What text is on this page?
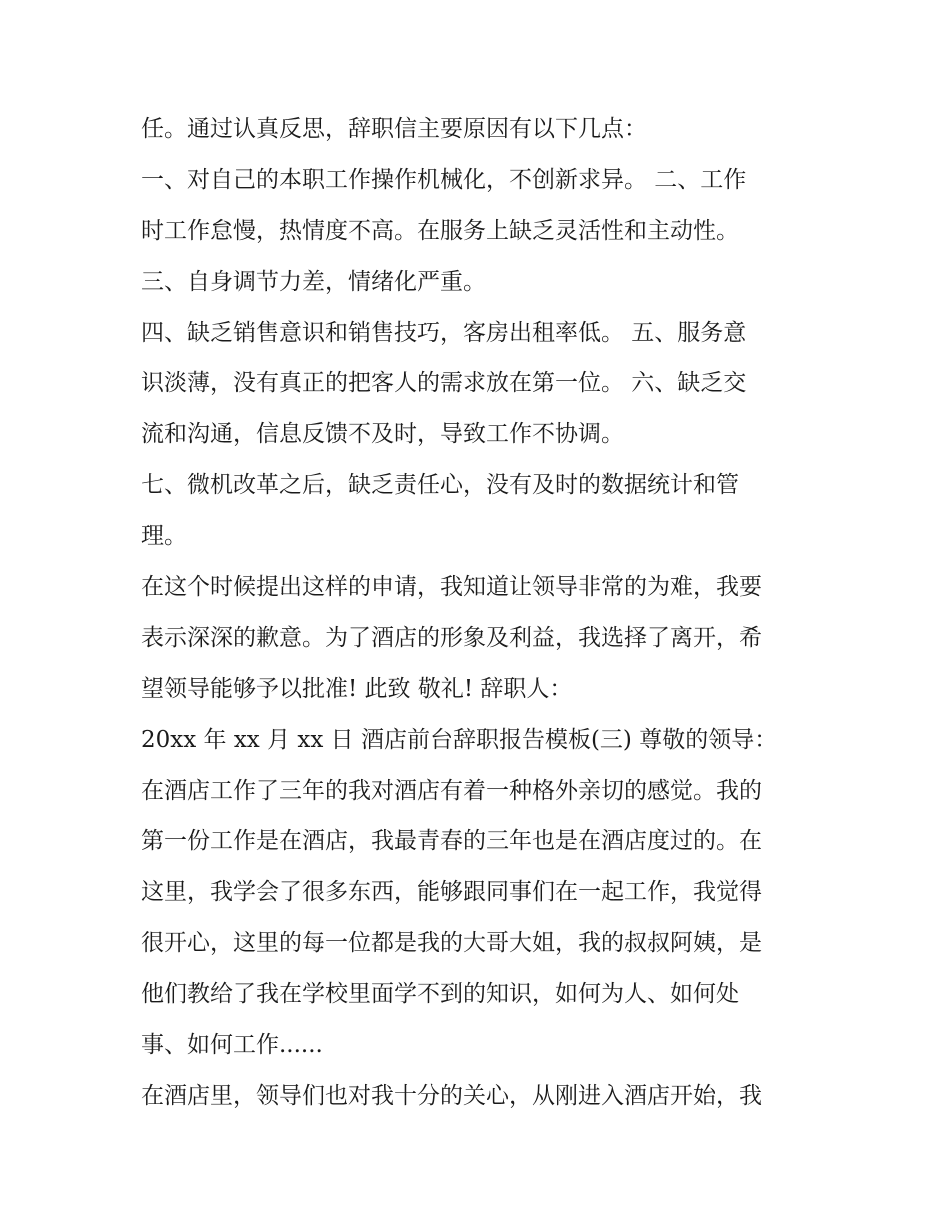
任。通过认真反思，辞职信主要原因有以下几点：
一、对自己的本职工作操作机械化，不创新求异。 二、工作
时工作怠慢，热情度不高。在服务上缺乏灵活性和主动性。
三、自身调节力差，情绪化严重。
四、缺乏销售意识和销售技巧，客房出租率低。 五、服务意
识淡薄，没有真正的把客人的需求放在第一位。 六、缺乏交
流和沟通，信息反馈不及时，导致工作不协调。
七、微机改革之后，缺乏责任心，没有及时的数据统计和管
理。
在这个时候提出这样的申请，我知道让领导非常的为难，我要
表示深深的歉意。为了酒店的形象及利益，我选择了离开，希
望领导能够予以批准! 此致 敬礼! 辞职人：
20xx 年 xx 月 xx 日 酒店前台辞职报告模板(三) 尊敬的领导：
在酒店工作了三年的我对酒店有着一种格外亲切的感觉。我的
第一份工作是在酒店，我最青春的三年也是在酒店度过的。在
这里，我学会了很多东西，能够跟同事们在一起工作，我觉得
很开心，这里的每一位都是我的大哥大姐，我的叔叔阿姨，是
他们教给了我在学校里面学不到的知识，如何为人、如何处
事、如何工作......
在酒店里，领导们也对我十分的关心，从刚进入酒店开始，我
